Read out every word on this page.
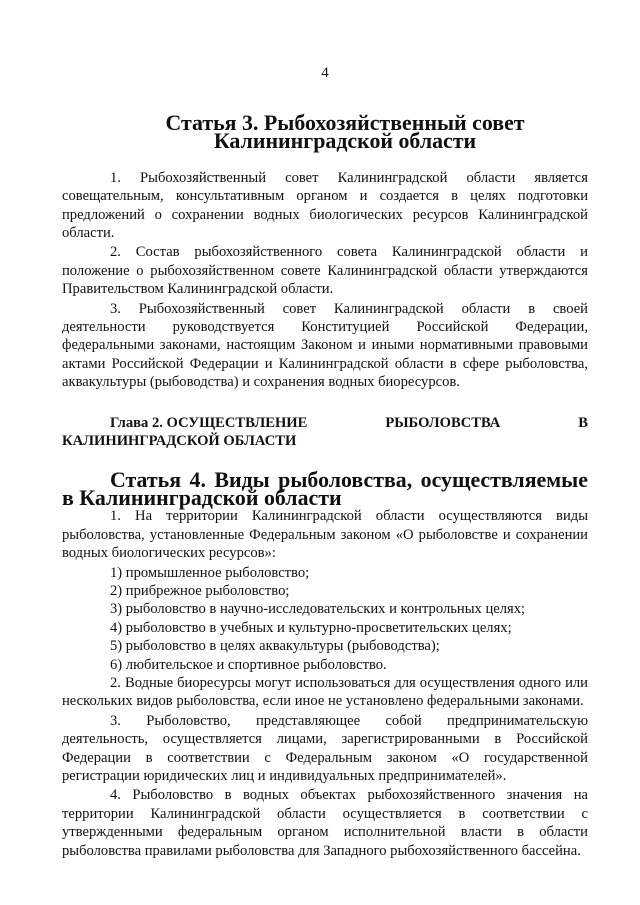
4
Статья 3. Рыбохозяйственный совет Калининградской области

1. Рыбохозяйственный совет Калининградской области является совещательным, консультативным органом и создается в целях подготовки предложений о сохранении водных биологических ресурсов Калининградской области.

2. Состав рыбохозяйственного совета Калининградской области и положение о рыбохозяйственном совете Калининградской области утверждаются Правительством Калининградской области.

3. Рыбохозяйственный совет Калининградской области в своей деятельности руководствуется Конституцией Российской Федерации, федеральными законами, настоящим Законом и иными нормативными правовыми актами Российской Федерации и Калининградской области в сфере рыболовства, аквакультуры (рыбоводства) и сохранения водных биоресурсов.

Глава 2. ОСУЩЕСТВЛЕНИЕ	РЫБОЛОВСТВА	В
КАЛИНИНГРАДСКОЙ ОБЛАСТИ
Статья 4. Виды рыболовства, осуществляемые в Калининградской области

1. На территории Калининградской области осуществляются виды рыболовства, установленные Федеральным законом «О рыболовстве и сохранении водных биологических ресурсов»:

1) промышленное рыболовство;

2) прибрежное рыболовство;

3) рыболовство в научно-исследовательских и контрольных целях;

4) рыболовство в учебных и культурно-просветительских целях;

5) рыболовство в целях аквакультуры (рыбоводства);

6) любительское и спортивное рыболовство.

2. Водные биоресурсы могут использоваться для осуществления одного или нескольких видов рыболовства, если иное не установлено федеральными законами.

3. Рыболовство, представляющее собой предпринимательскую деятельность, осуществляется лицами, зарегистрированными в Российской Федерации в соответствии с Федеральным законом «О государственной регистрации юридических лиц и индивидуальных предпринимателей».

4. Рыболовство в водных объектах рыбохозяйственного значения на территории Калининградской области осуществляется в соответствии с утвержденными федеральным органом исполнительной власти в области рыболовства правилами рыболовства для Западного рыбохозяйственного бассейна.
